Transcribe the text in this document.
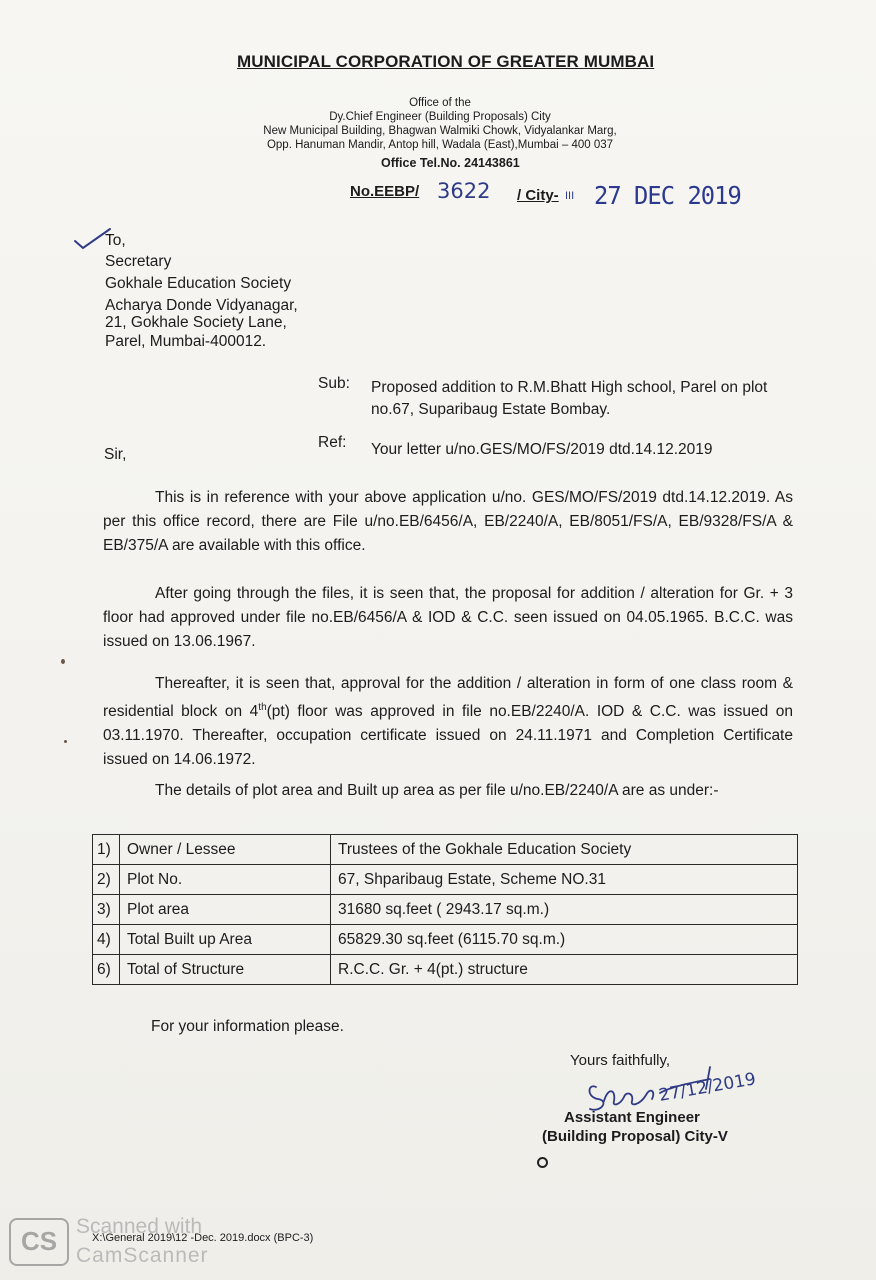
MUNICIPAL CORPORATION OF GREATER MUMBAI
Office of the
Dy.Chief Engineer (Building Proposals) City
New Municipal Building, Bhagwan Walmiki Chowk, Vidyalankar Marg,
Opp. Hanuman Mandir, Antop hill, Wadala (East),Mumbai – 400 037
Office Tel.No. 24143861
No.EEBP/ 3622 / City- III 27 DEC 2019
To,
Secretary
Gokhale Education Society
Acharya Donde Vidyanagar,
21, Gokhale Society Lane,
Parel, Mumbai-400012.
Sub: Proposed addition to R.M.Bhatt High school, Parel on plot
no.67, Suparibaug Estate Bombay.
Ref: Your letter u/no.GES/MO/FS/2019 dtd.14.12.2019
Sir,

This is in reference with your above application u/no. GES/MO/FS/2019 dtd.14.12.2019. As per this office record, there are File u/no.EB/6456/A, EB/2240/A, EB/8051/FS/A, EB/9328/FS/A & EB/375/A are available with this office.

After going through the files, it is seen that, the proposal for addition / alteration for Gr. + 3 floor had approved under file no.EB/6456/A & IOD & C.C. seen issued on 04.05.1965. B.C.C. was issued on 13.06.1967.

Thereafter, it is seen that, approval for the addition / alteration in form of one class room & residential block on 4th(pt) floor was approved in file no.EB/2240/A. IOD & C.C. was issued on 03.11.1970. Thereafter, occupation certificate issued on 24.11.1971 and Completion Certificate issued on 14.06.1972.

The details of plot area and Built up area as per file u/no.EB/2240/A are as under:-

1)	Owner / Lessee	Trustees of the Gokhale Education Society
2)	Plot No.	67, Shparibaug Estate, Scheme NO.31
3)	Plot area	31680 sq.feet ( 2943.17 sq.m.)
4)	Total Built up Area	65829.30 sq.feet (6115.70 sq.m.)
6)	Total of Structure	R.C.C. Gr. + 4(pt.) structure
For your information please.
Yours faithfully,
27/12/2019
Assistant Engineer
(Building Proposal) City-V
CS Scanned with
CamScanner
X:\General 2019\12 -Dec. 2019.docx (BPC-3)
